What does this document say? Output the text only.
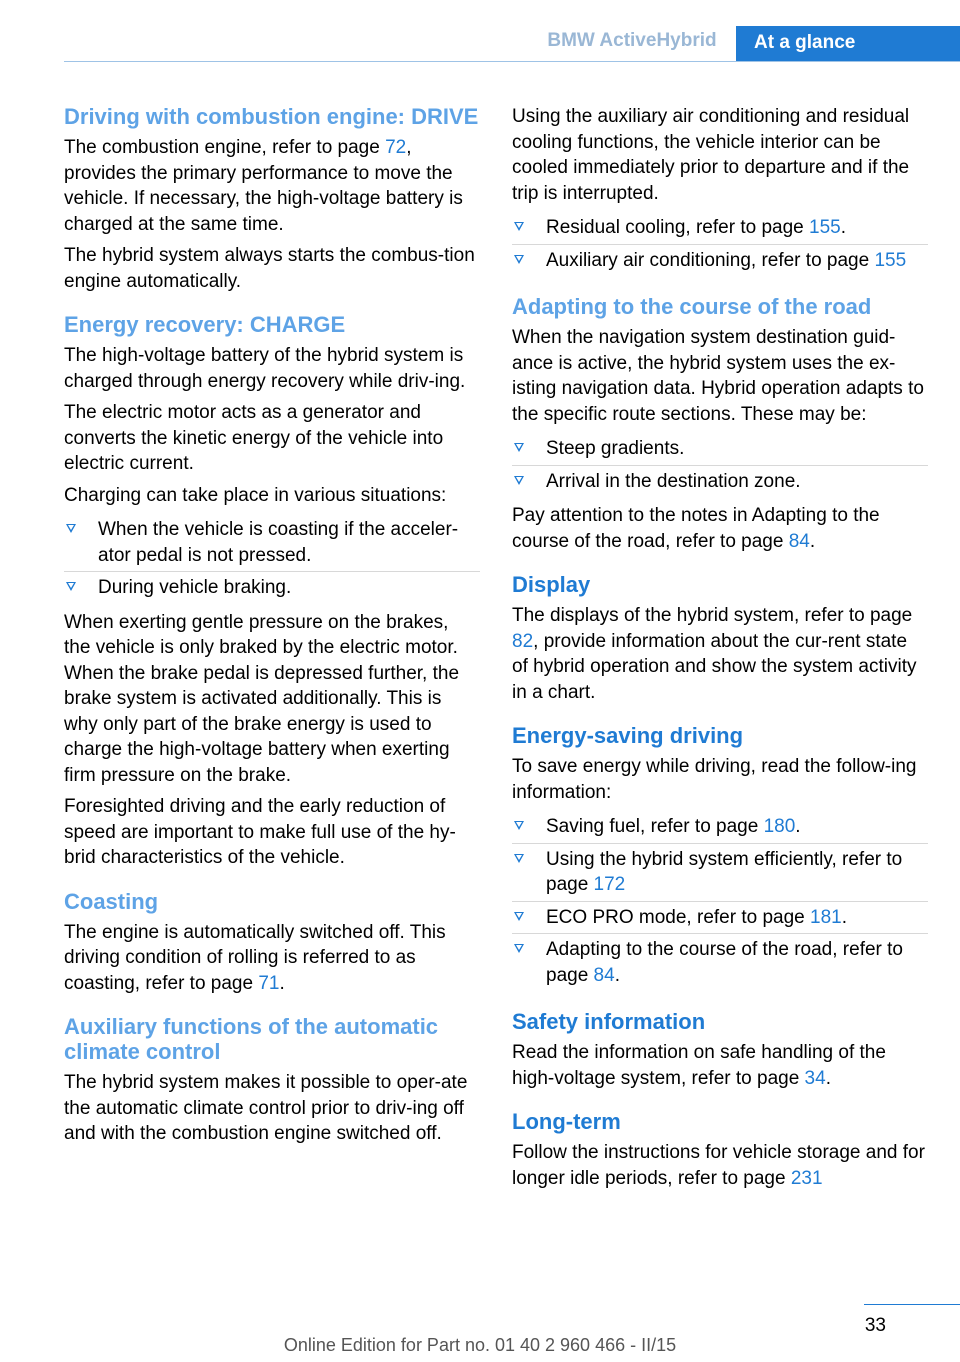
BMW ActiveHybrid	At a glance
Driving with combustion engine: DRIVE

The combustion engine, refer to page 72, provides the primary performance to move the vehicle. If necessary, the high-voltage battery is charged at the same time.

The hybrid system always starts the combus‐tion engine automatically.

Energy recovery: CHARGE

The high-voltage battery of the hybrid system is charged through energy recovery while driv‐ing.

The electric motor acts as a generator and converts the kinetic energy of the vehicle into electric current.

Charging can take place in various situations:

When the vehicle is coasting if the acceler‐ator pedal is not pressed.
During vehicle braking.

When exerting gentle pressure on the brakes, the vehicle is only braked by the electric motor. When the brake pedal is depressed further, the brake system is activated additionally. This is why only part of the brake energy is used to charge the high-voltage battery when exerting firm pressure on the brake.

Foresighted driving and the early reduction of speed are important to make full use of the hy‐brid characteristics of the vehicle.

Coasting

The engine is automatically switched off. This driving condition of rolling is referred to as coasting, refer to page 71.

Auxiliary functions of the automatic climate control

The hybrid system makes it possible to oper‐ate the automatic climate control prior to driv‐ing off and with the combustion engine switched off.

Using the auxiliary air conditioning and residual cooling functions, the vehicle interior can be cooled immediately prior to departure and if the trip is interrupted.

Residual cooling, refer to page 155.
Auxiliary air conditioning, refer to page 155
Adapting to the course of the road

When the navigation system destination guid‐ance is active, the hybrid system uses the ex‐isting navigation data. Hybrid operation adapts to the specific route sections. These may be:

Steep gradients.
Arrival in the destination zone.

Pay attention to the notes in Adapting to the course of the road, refer to page 84.

Display

The displays of the hybrid system, refer to page 82, provide information about the cur‐rent state of hybrid operation and show the system activity in a chart.

Energy-saving driving

To save energy while driving, read the follow‐ing information:

Saving fuel, refer to page 180.
Using the hybrid system efficiently, refer to page 172
ECO PRO mode, refer to page 181.
Adapting to the course of the road, refer to page 84.
Safety information

Read the information on safe handling of the high-voltage system, refer to page 34.

Long-term

Follow the instructions for vehicle storage and for longer idle periods, refer to page 231

33
Online Edition for Part no. 01 40 2 960 466 - II/15
